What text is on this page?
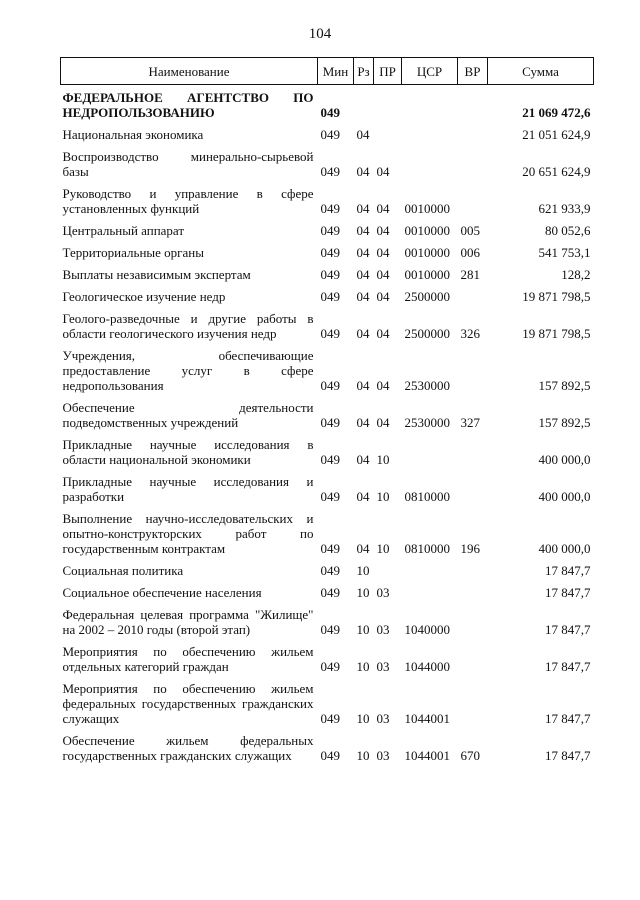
104
Наименование	Мин	Рз	ПР	ЦСР	ВР	Сумма
ФЕДЕРАЛЬНОЕ АГЕНТСТВО ПО НЕДРОПОЛЬЗОВАНИЮ	049					21 069 472,6
Национальная экономика	049	04				21 051 624,9
Воспроизводство минерально-сырьевой базы	049	04	04			20 651 624,9
Руководство и управление в сфере установленных функций	049	04	04	0010000		621 933,9
Центральный аппарат	049	04	04	0010000	005	80 052,6
Территориальные органы	049	04	04	0010000	006	541 753,1
Выплаты независимым экспертам	049	04	04	0010000	281	128,2
Геологическое изучение недр	049	04	04	2500000		19 871 798,5
Геолого-разведочные и другие работы в области геологического изучения недр	049	04	04	2500000	326	19 871 798,5
Учреждения, обеспечивающие предоставление услуг в сфере недропользования	049	04	04	2530000		157 892,5
Обеспечение деятельности подведомственных учреждений	049	04	04	2530000	327	157 892,5
Прикладные научные исследования в области национальной экономики	049	04	10			400 000,0
Прикладные научные исследования и разработки	049	04	10	0810000		400 000,0
Выполнение научно-исследовательских и опытно-конструкторских работ по государственным контрактам	049	04	10	0810000	196	400 000,0
Социальная политика	049	10				17 847,7
Социальное обеспечение населения	049	10	03			17 847,7
Федеральная целевая программа "Жилище" на 2002 – 2010 годы (второй этап)	049	10	03	1040000		17 847,7
Мероприятия по обеспечению жильем отдельных категорий граждан	049	10	03	1044000		17 847,7
Мероприятия по обеспечению жильем федеральных государственных гражданских служащих	049	10	03	1044001		17 847,7
Обеспечение жильем федеральных государственных гражданских служащих	049	10	03	1044001	670	17 847,7
